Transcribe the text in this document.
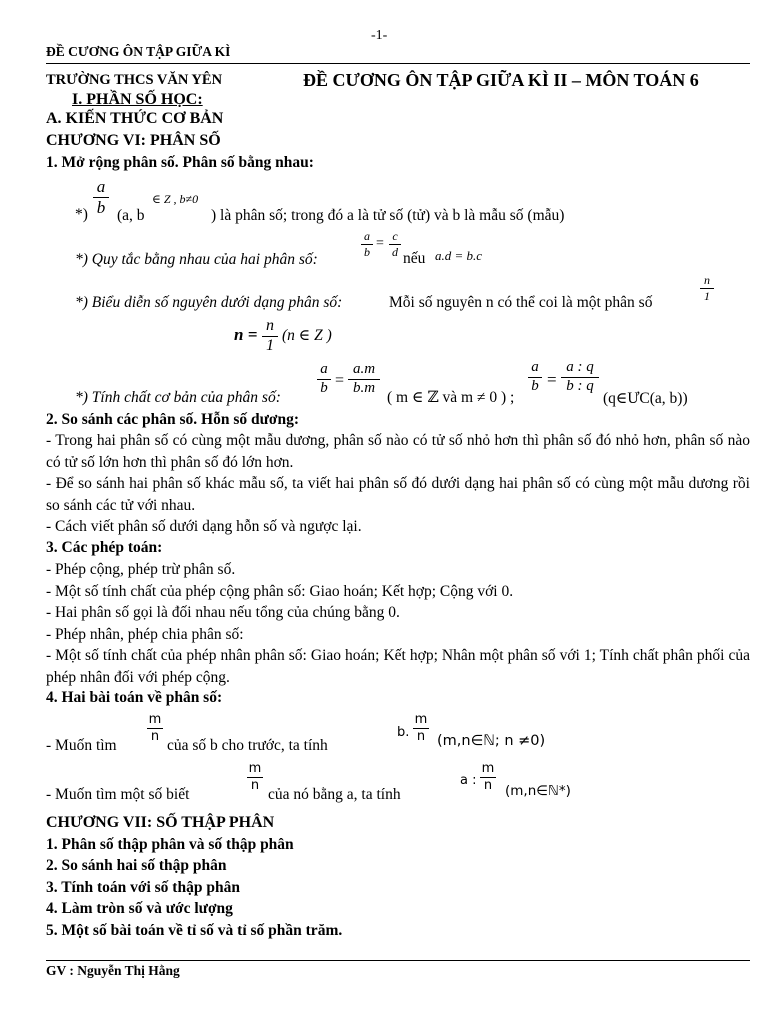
-1-
ĐỀ CƯƠNG ÔN TẬP GIỮA KÌ
TRƯỜNG THCS VĂN YÊN	ĐỀ CƯƠNG ÔN TẬP GIỮA KÌ II – MÔN TOÁN 6
I. PHẦN SỐ HỌC:
A. KIẾN THỨC CƠ BẢN
CHƯƠNG VI: PHÂN SỐ
1. Mở rộng phân số. Phân số bằng nhau:
*)
a
b (a, b
∈ Z , b≠0
) là phân số; trong đó a là tử số (tử) và b là mẫu số (mẫu)
*) Quy tắc bằng nhau của hai phân số:
a
b
= c
d nếu a.d = b.c
*) Biểu diễn số nguyên dưới dạng phân số:	Mỗi số nguyên n có thể coi là một phân số
n
1
n = n
1
(n ∈ Z )
*) Tính chất cơ bản của phân số:
a
b =
a.m
b.m
( m ∈ ℤ và m ≠ 0 ) ;
a
b =
a : q
b : q
(q∈ƯC(a, b))
2. So sánh các phân số. Hỗn số dương:
- Trong hai phân số có cùng một mẫu dương, phân số nào có tử số nhỏ hơn thì phân số đó nhỏ hơn, phân số nào có tử số lớn hơn thì phân số đó lớn hơn.
- Để so sánh hai phân số khác mẫu số, ta viết hai phân số đó dưới dạng hai phân số có cùng một mẫu dương rồi so sánh các tử với nhau.
- Cách viết phân số dưới dạng hỗn số và ngược lại.
3. Các phép toán:
- Phép cộng, phép trừ phân số.
- Một số tính chất của phép cộng phân số: Giao hoán; Kết hợp; Cộng với 0.
- Hai phân số gọi là đối nhau nếu tổng của chúng bằng 0.
- Phép nhân, phép chia phân số:
- Một số tính chất của phép nhân phân số: Giao hoán; Kết hợp; Nhân một phân số với 1; Tính chất phân phối của phép nhân đối với phép cộng.
4. Hai bài toán về phân số:
- Muốn tìm
m
n
của số b cho trước, ta tính
b.
m
n (m,n∈ℕ; n ≠0)
- Muốn tìm một số biết
m
n
của nó bằng a, ta tính
a :
m
n (m,n∈ℕ*)
CHƯƠNG VII: SỐ THẬP PHÂN
1. Phân số thập phân và số thập phân
2. So sánh hai số thập phân
3. Tính toán với số thập phân
4. Làm tròn số và ước lượng
5. Một số bài toán về tỉ số và tỉ số phần trăm.
GV : Nguyễn Thị Hằng
